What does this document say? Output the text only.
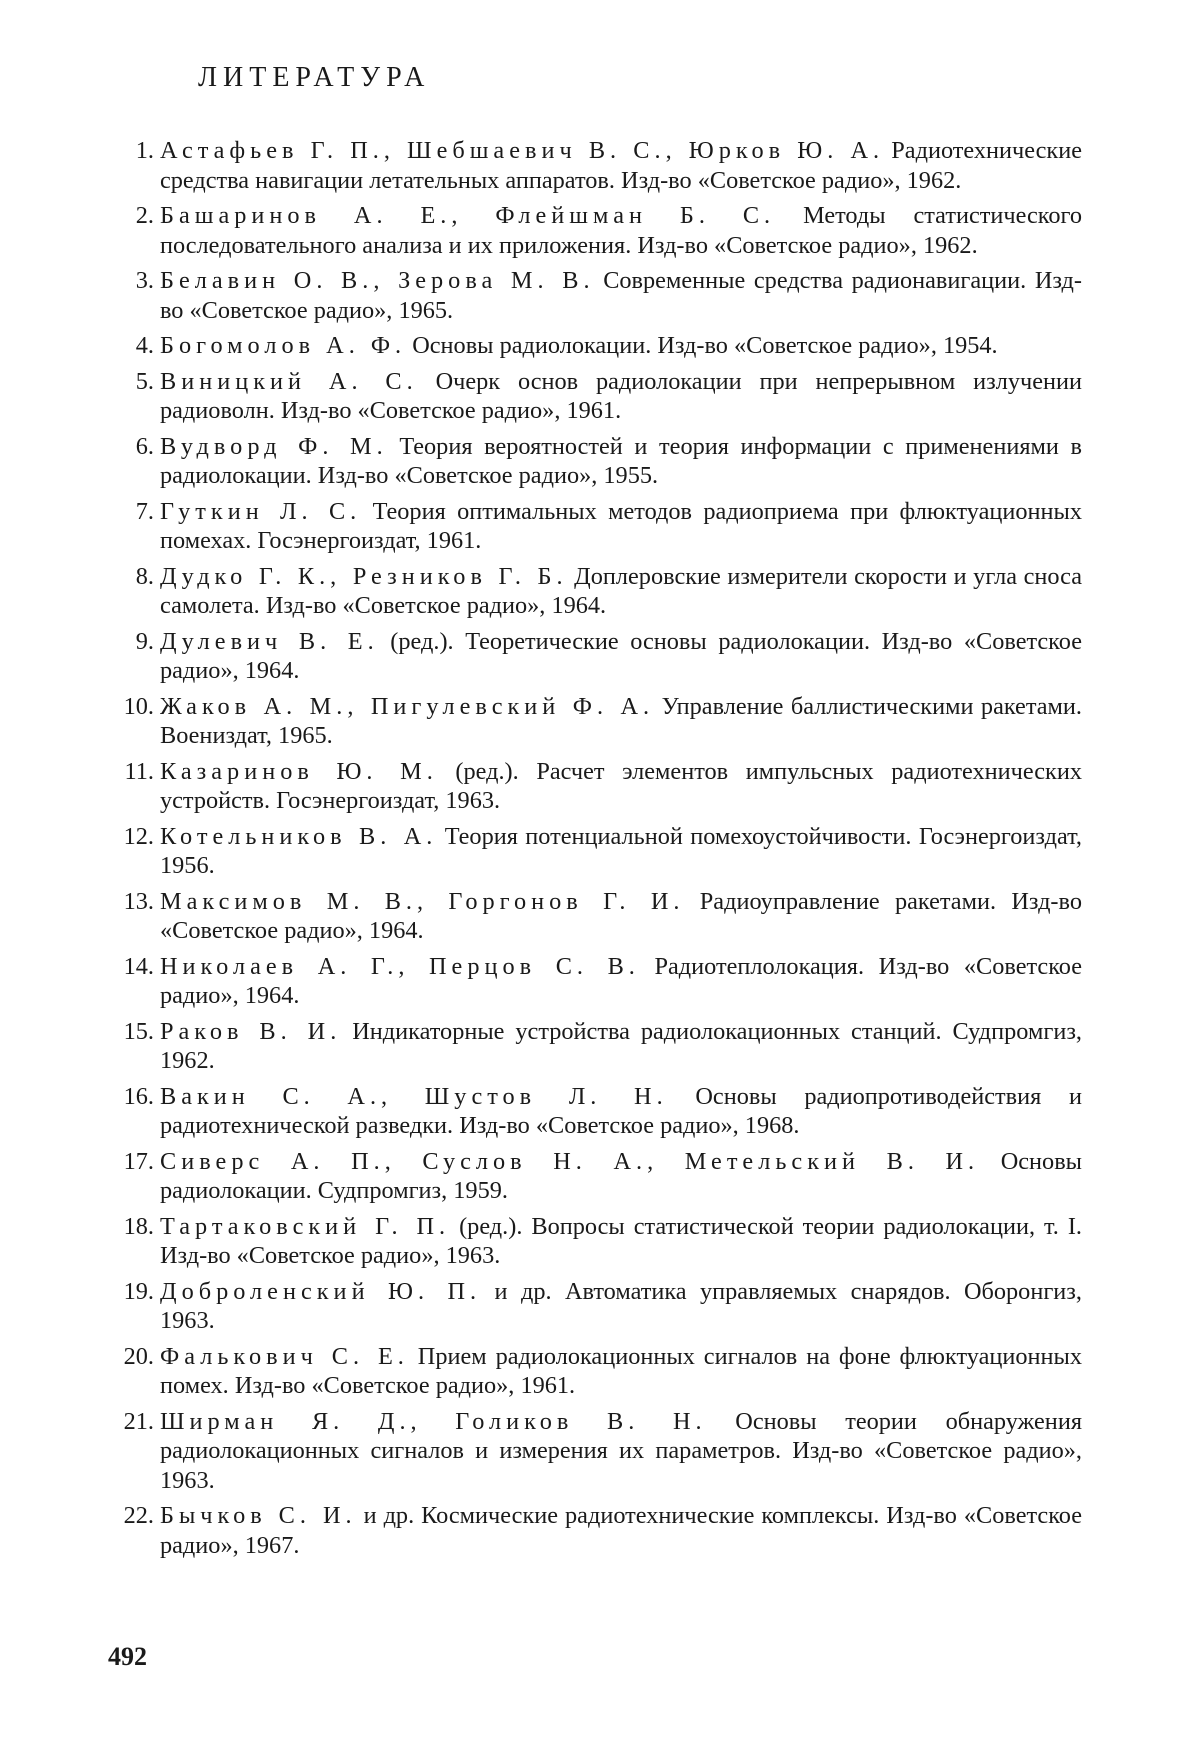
ЛИТЕРАТУРА
1. Астафьев Г. П., Шебшаевич В. С., Юрков Ю. А. Радиотехнические средства навигации летательных аппаратов. Изд-во «Советское радио», 1962.
2. Башаринов А. Е., Флейшман Б. С. Методы статистического последовательного анализа и их приложения. Изд-во «Советское радио», 1962.
3. Белавин О. В., Зерова М. В. Современные средства радионавигации. Изд-во «Советское радио», 1965.
4. Богомолов А. Ф. Основы радиолокации. Изд-во «Советское радио», 1954.
5. Виницкий А. С. Очерк основ радиолокации при непрерывном излучении радиоволн. Изд-во «Советское радио», 1961.
6. Вудворд Ф. М. Теория вероятностей и теория информации с применениями в радиолокации. Изд-во «Советское радио», 1955.
7. Гуткин Л. С. Теория оптимальных методов радиоприема при флюктуационных помехах. Госэнергоиздат, 1961.
8. Дудко Г. К., Резников Г. Б. Доплеровские измерители скорости и угла сноса самолета. Изд-во «Советское радио», 1964.
9. Дулевич В. Е. (ред.). Теоретические основы радиолокации. Изд-во «Советское радио», 1964.
10. Жаков А. М., Пигулевский Ф. А. Управление баллистическими ракетами. Воениздат, 1965.
11. Казаринов Ю. М. (ред.). Расчет элементов импульсных радиотехнических устройств. Госэнергоиздат, 1963.
12. Котельников В. А. Теория потенциальной помехоустойчивости. Госэнергоиздат, 1956.
13. Максимов М. В., Горгонов Г. И. Радиоуправление ракетами. Изд-во «Советское радио», 1964.
14. Николаев А. Г., Перцов С. В. Радиотеплолокация. Изд-во «Советское радио», 1964.
15. Раков В. И. Индикаторные устройства радиолокационных станций. Судпромгиз, 1962.
16. Вакин С. А., Шустов Л. Н. Основы радиопротиводействия и радиотехнической разведки. Изд-во «Советское радио», 1968.
17. Сиверс А. П., Суслов Н. А., Метельский В. И. Основы радиолокации. Судпромгиз, 1959.
18. Тартаковский Г. П. (ред.). Вопросы статистической теории радиолокации, т. I. Изд-во «Советское радио», 1963.
19. Доброленский Ю. П. и др. Автоматика управляемых снарядов. Оборонгиз, 1963.
20. Фалькович С. Е. Прием радиолокационных сигналов на фоне флюктуационных помех. Изд-во «Советское радио», 1961.
21. Ширман Я. Д., Голиков В. Н. Основы теории обнаружения радиолокационных сигналов и измерения их параметров. Изд-во «Советское радио», 1963.
22. Бычков С. И. и др. Космические радиотехнические комплексы. Изд-во «Советское радио», 1967.
492
